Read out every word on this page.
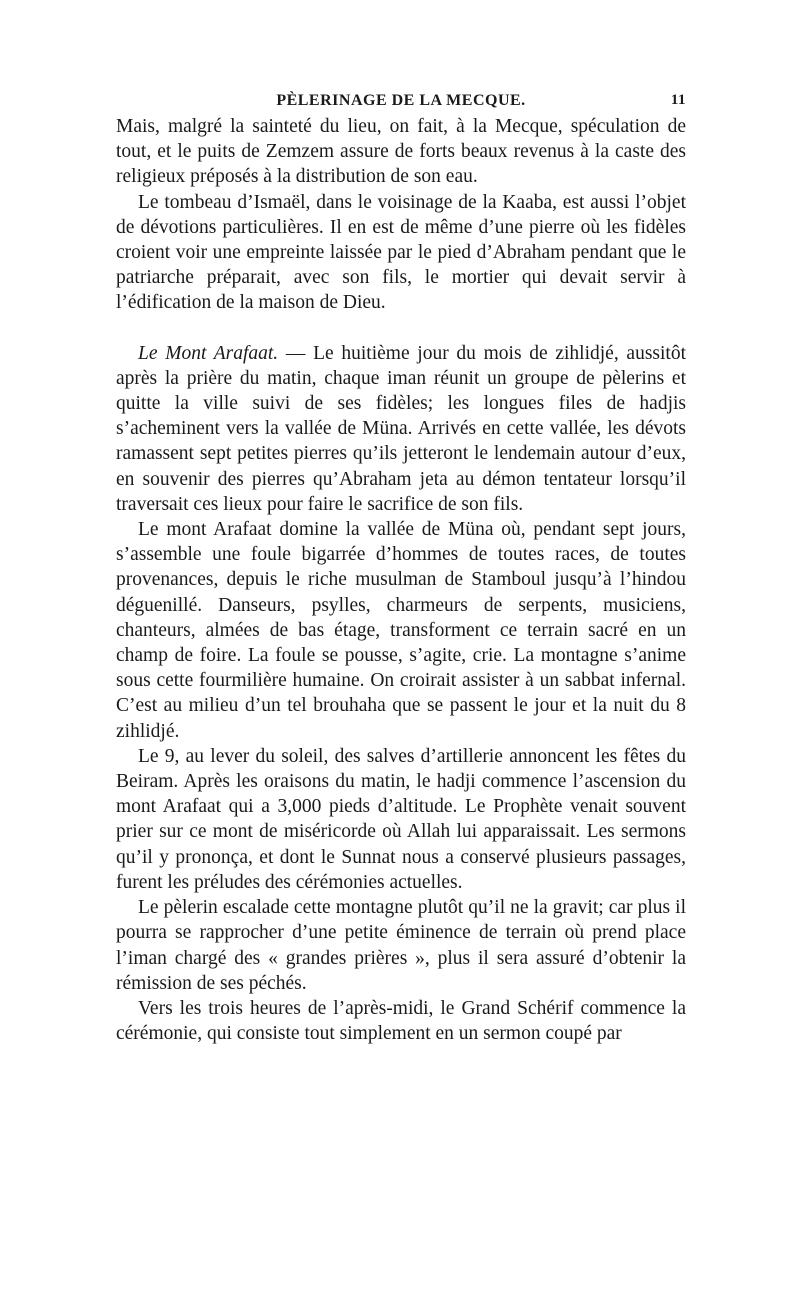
PÈLERINAGE DE LA MECQUE.	11

Mais, malgré la sainteté du lieu, on fait, à la Mecque, spéculation de tout, et le puits de Zemzem assure de forts beaux revenus à la caste des religieux préposés à la distribution de son eau.

Le tombeau d’Ismaël, dans le voisinage de la Kaaba, est aussi l’objet de dévotions particulières. Il en est de même d’une pierre où les fidèles croient voir une empreinte laissée par le pied d’Abraham pendant que le patriarche préparait, avec son fils, le mortier qui devait servir à l’édification de la maison de Dieu.

Le Mont Arafaat. — Le huitième jour du mois de zihlidjé, aussitôt après la prière du matin, chaque iman réunit un groupe de pèlerins et quitte la ville suivi de ses fidèles; les longues files de hadjis s’acheminent vers la vallée de Müna. Arrivés en cette vallée, les dévots ramassent sept petites pierres qu’ils jetteront le lendemain autour d’eux, en souvenir des pierres qu’Abraham jeta au démon tentateur lorsqu’il traversait ces lieux pour faire le sacrifice de son fils.

Le mont Arafaat domine la vallée de Müna où, pendant sept jours, s’assemble une foule bigarrée d’hommes de toutes races, de toutes provenances, depuis le riche musulman de Stamboul jusqu’à l’hindou déguenillé. Danseurs, psylles, charmeurs de serpents, musiciens, chanteurs, almées de bas étage, transforment ce terrain sacré en un champ de foire. La foule se pousse, s’agite, crie. La montagne s’anime sous cette fourmilière humaine. On croirait assister à un sabbat infernal. C’est au milieu d’un tel brouhaha que se passent le jour et la nuit du 8 zihlidjé.

Le 9, au lever du soleil, des salves d’artillerie annoncent les fêtes du Beiram. Après les oraisons du matin, le hadji commence l’ascension du mont Arafaat qui a 3,000 pieds d’altitude. Le Prophète venait souvent prier sur ce mont de miséricorde où Allah lui apparaissait. Les sermons qu’il y prononça, et dont le Sunnat nous a conservé plusieurs passages, furent les préludes des cérémonies actuelles.

Le pèlerin escalade cette montagne plutôt qu’il ne la gravit; car plus il pourra se rapprocher d’une petite éminence de terrain où prend place l’iman chargé des « grandes prières », plus il sera assuré d’obtenir la rémission de ses péchés.

Vers les trois heures de l’après-midi, le Grand Schérif commence la cérémonie, qui consiste tout simplement en un sermon coupé par
